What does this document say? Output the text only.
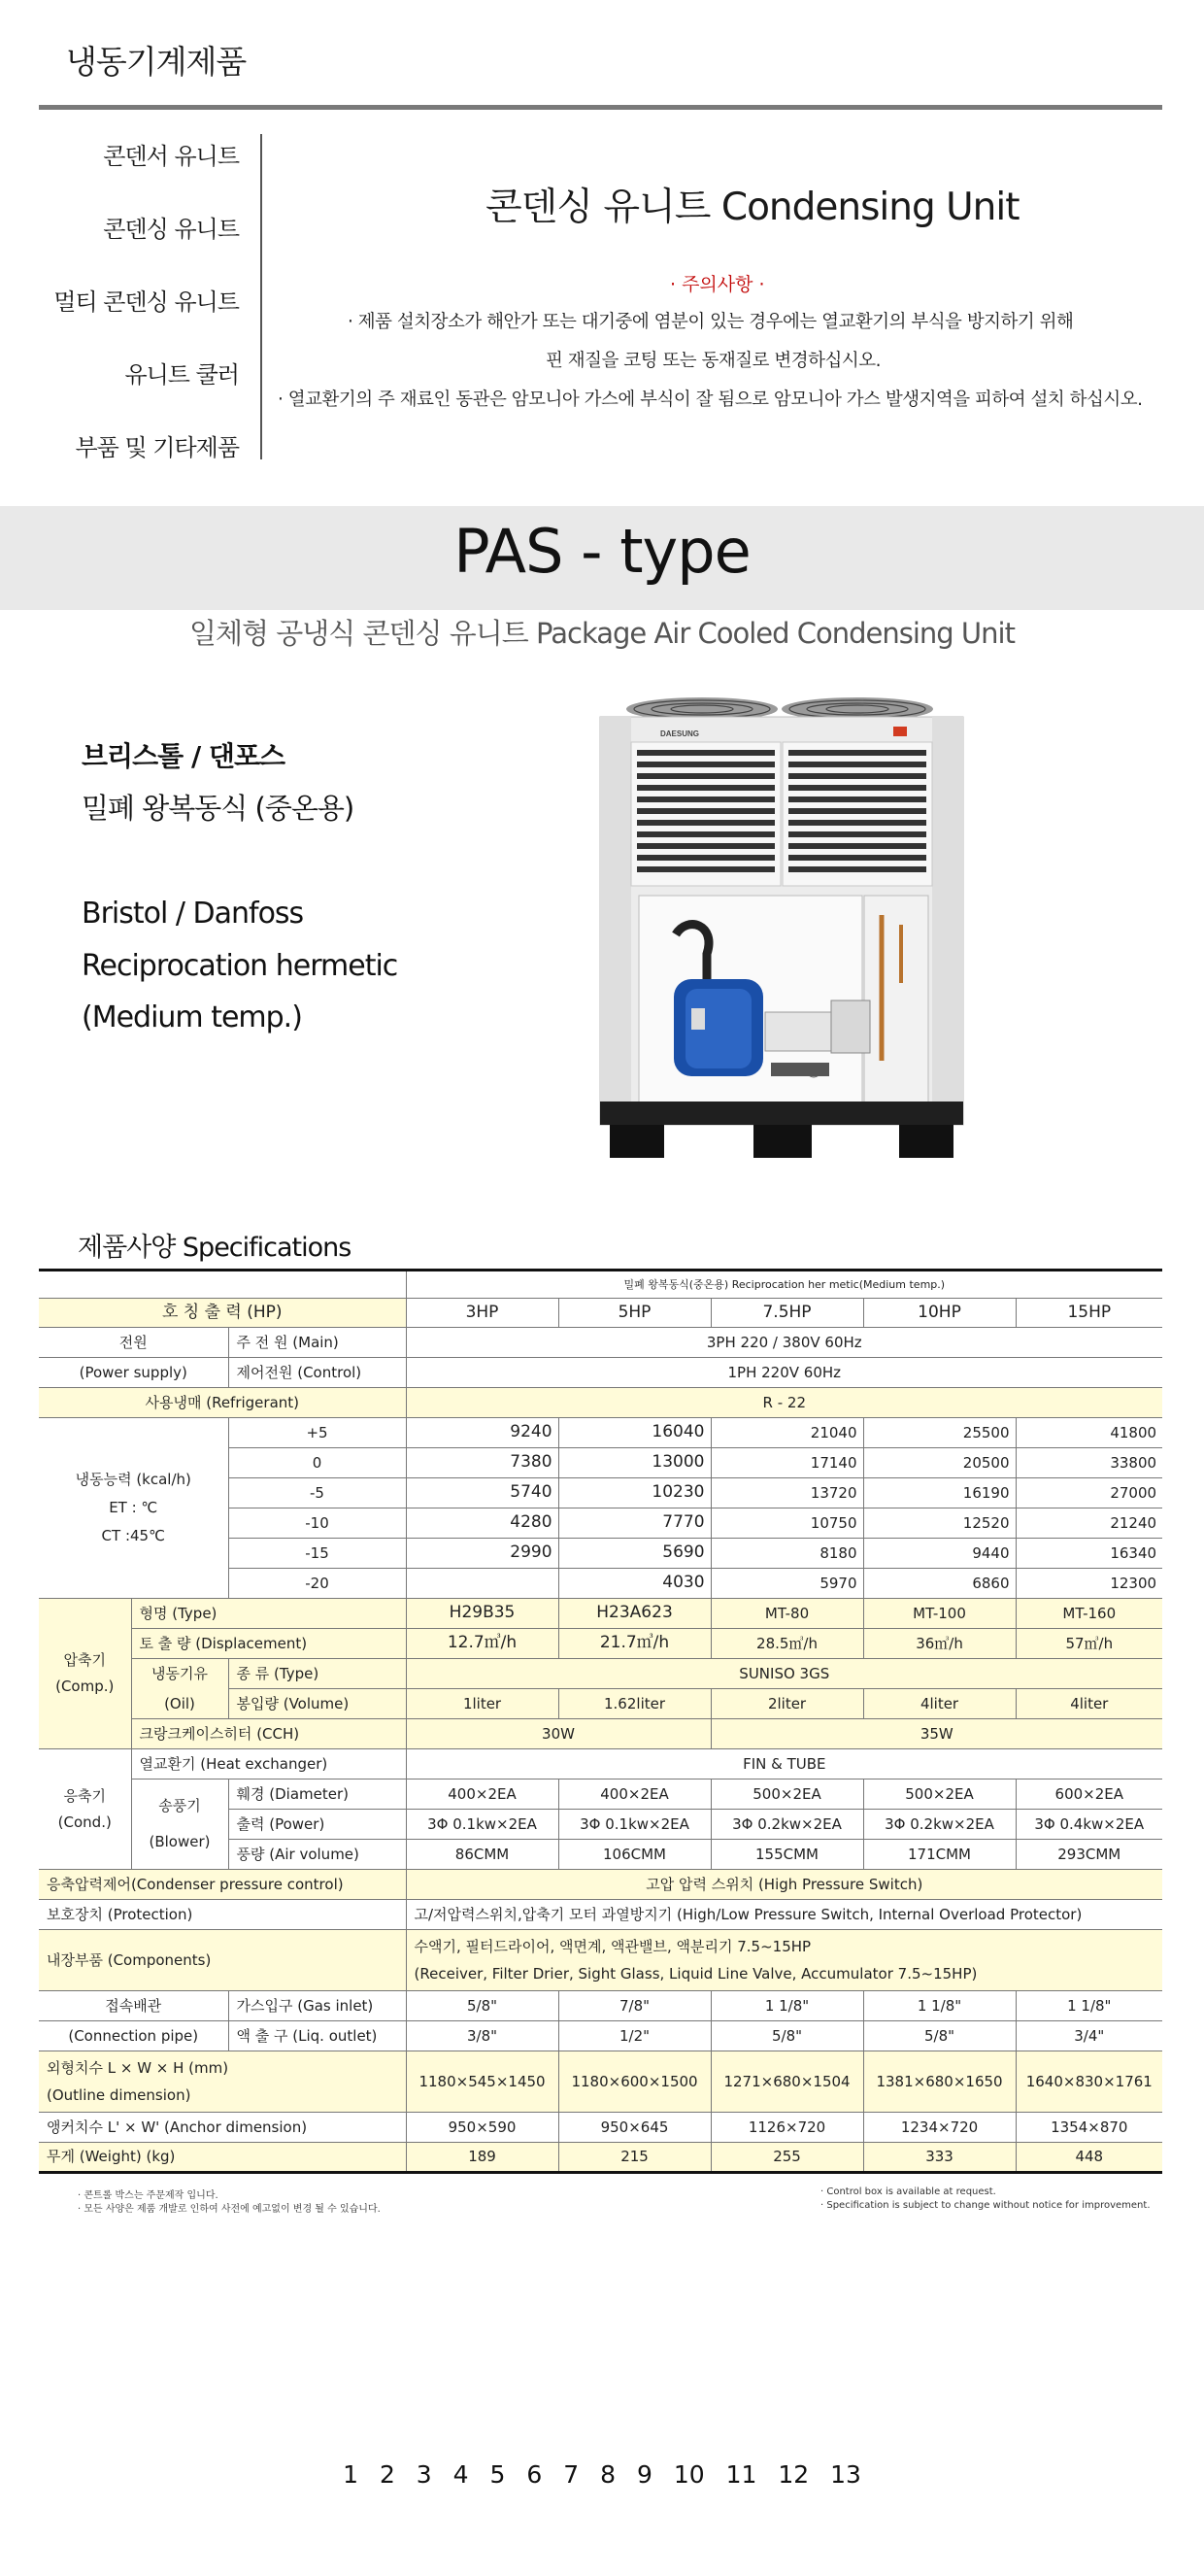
냉동기계제품
콘덴서 유니트
콘덴싱 유니트
멀티 콘덴싱 유니트
유니트 쿨러
부품 및 기타제품
콘덴싱 유니트 Condensing Unit
· 주의사항 ·
· 제품 설치장소가 해안가 또는 대기중에 염분이 있는 경우에는 열교환기의 부식을 방지하기 위해
핀 재질을 코팅 또는 동재질로 변경하십시오.
· 열교환기의 주 재료인 동관은 암모니아 가스에 부식이 잘 됨으로 암모니아 가스 발생지역을 피하여 설치 하십시오.
PAS - type
일체형 공냉식 콘덴싱 유니트 Package Air Cooled Condensing Unit
브리스톨 / 댄포스
밀폐 왕복동식 (중온용)
Bristol / Danfoss
Reciprocation hermetic
(Medium temp.)
DAESUNG
제품사양 Specifications
			밀폐 왕복동식(중온용) Reciprocation her metic(Medium temp.)				
호 칭 출 력 (HP)			3HP	5HP	7.5HP	10HP	15HP
전원		주 전 원 (Main)	3PH 220 / 380V 60Hz				
(Power supply)		제어전원 (Control)	1PH 220V 60Hz				
사용냉매 (Refrigerant)			R - 22				

냉동능력 (kcal/h)
ET : ℃
CT :45℃		+5	9240	16040	21040	25500	41800
		0	7380	13000	17140	20500	33800
		-5	5740	10230	13720	16190	27000
		-10	4280	7770	10750	12520	21240
		-15	2990	5690	8180	9440	16340
		-20		4030	5970	6860	12300

압축기
(Comp.)	형명 (Type)		H29B35	H23A623	MT-80	MT-100	MT-160
	토 출 량 (Displacement)		12.7㎥/h	21.7㎥/h	28.5㎥/h	36㎥/h	57㎥/h

	냉동기유
(Oil)	종 류 (Type)	SUNISO 3GS				
		봉입량 (Volume)	1liter	1.62liter	2liter	4liter	4liter
	크랑크케이스히터 (CCH)		30W		35W		

응축기
(Cond.)	열교환기 (Heat exchanger)		FIN & TUBE				

	송풍기
(Blower)	훼경 (Diameter)	400×2EA	400×2EA	500×2EA	500×2EA	600×2EA
		출력 (Power)	3Φ 0.1kw×2EA	3Φ 0.1kw×2EA	3Φ 0.2kw×2EA	3Φ 0.2kw×2EA	3Φ 0.4kw×2EA
		풍량 (Air volume)	86CMM	106CMM	155CMM	171CMM	293CMM
응축압력제어(Condenser pressure control)			고압 압력 스위치 (High Pressure Switch)				
보호장치 (Protection)			고/저압력스위치,압축기 모터 과열방지기 (High/Low Pressure Switch, Internal Overload Protector)				
내장부품 (Components)			수액기, 필터드라이어, 액면계, 액관밸브, 액분리기 7.5~15HP
(Receiver, Filter Drier, Sight Glass, Liquid Line Valve, Accumulator 7.5~15HP)				

접속배관		가스입구 (Gas inlet)	5/8"	7/8"	1 1/8"	1 1/8"	1 1/8"
(Connection pipe)		액 출 구 (Liq. outlet)	3/8"	1/2"	5/8"	5/8"	3/4"

외형치수 L × W × H (mm)
(Outline dimension)			1180×545×1450	1180×600×1500	1271×680×1504	1381×680×1650	1640×830×1761
앵커치수 L' × W' (Anchor dimension)			950×590	950×645	1126×720	1234×720	1354×870
무게 (Weight) (kg)			189	215	255	333	448
· 콘트롤 박스는 주문제작 입니다.
· 모든 사양은 제품 개발로 인하여 사전에 예고없이 변경 될 수 있습니다.
· Control box is available at request.
· Specification is subject to change without notice for improvement.
1 2 3 4 5 6 7 8 9 10 11 12 13
